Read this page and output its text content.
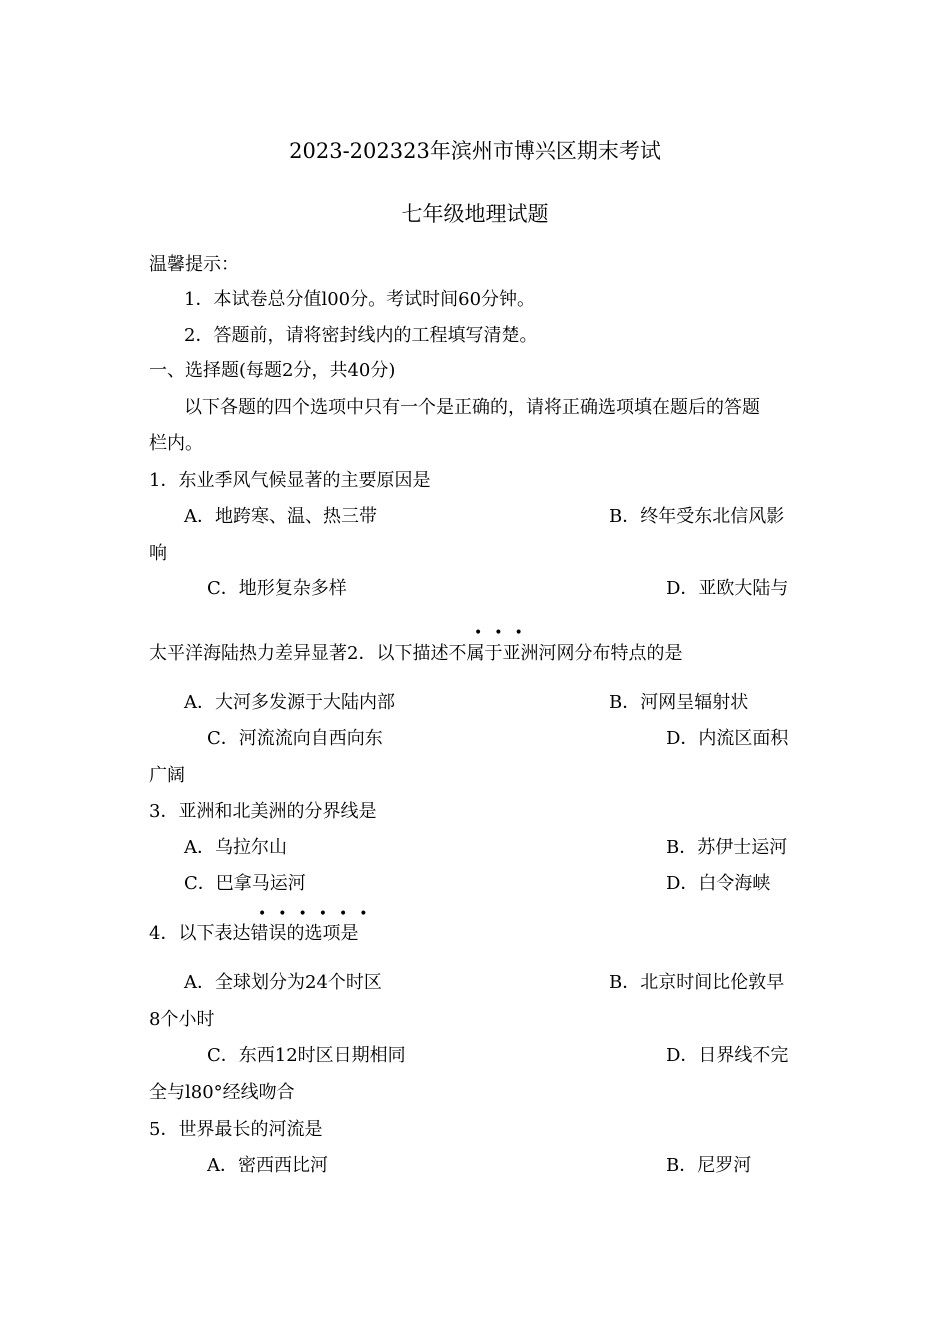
2023-202323年滨州市博兴区期末考试
七年级地理试题
温馨提示：
1．本试卷总分值l00分。考试时间60分钟。
2．答题前，请将密封线内的工程填写清楚。
一、选择题(每题2分，共40分)
以下各题的四个选项中只有一个是正确的，请将正确选项填在题后的答题
栏内。
1．东业季风气候显著的主要原因是
A．地跨寒、温、热三带	B．终年受东北信风影
响
C．地形复杂多样	D．亚欧大陆与
•••
太平洋海陆热力差异显著2．以下描述不属于亚洲河网分布特点的是
A．大河多发源于大陆内部	B．河网呈辐射状
C．河流流向自西向东	D．内流区面积
广阔
3．亚洲和北美洲的分界线是
A．乌拉尔山	B．苏伊士运河
C．巴拿马运河	D．白令海峡
••••••
4．以下表达错误的选项是
A．全球划分为24个时区	B．北京时间比伦敦早
8个小时
C．东西12时区日期相同	D．日界线不完
全与l80°经线吻合
5．世界最长的河流是
A．密西西比河	B．尼罗河
